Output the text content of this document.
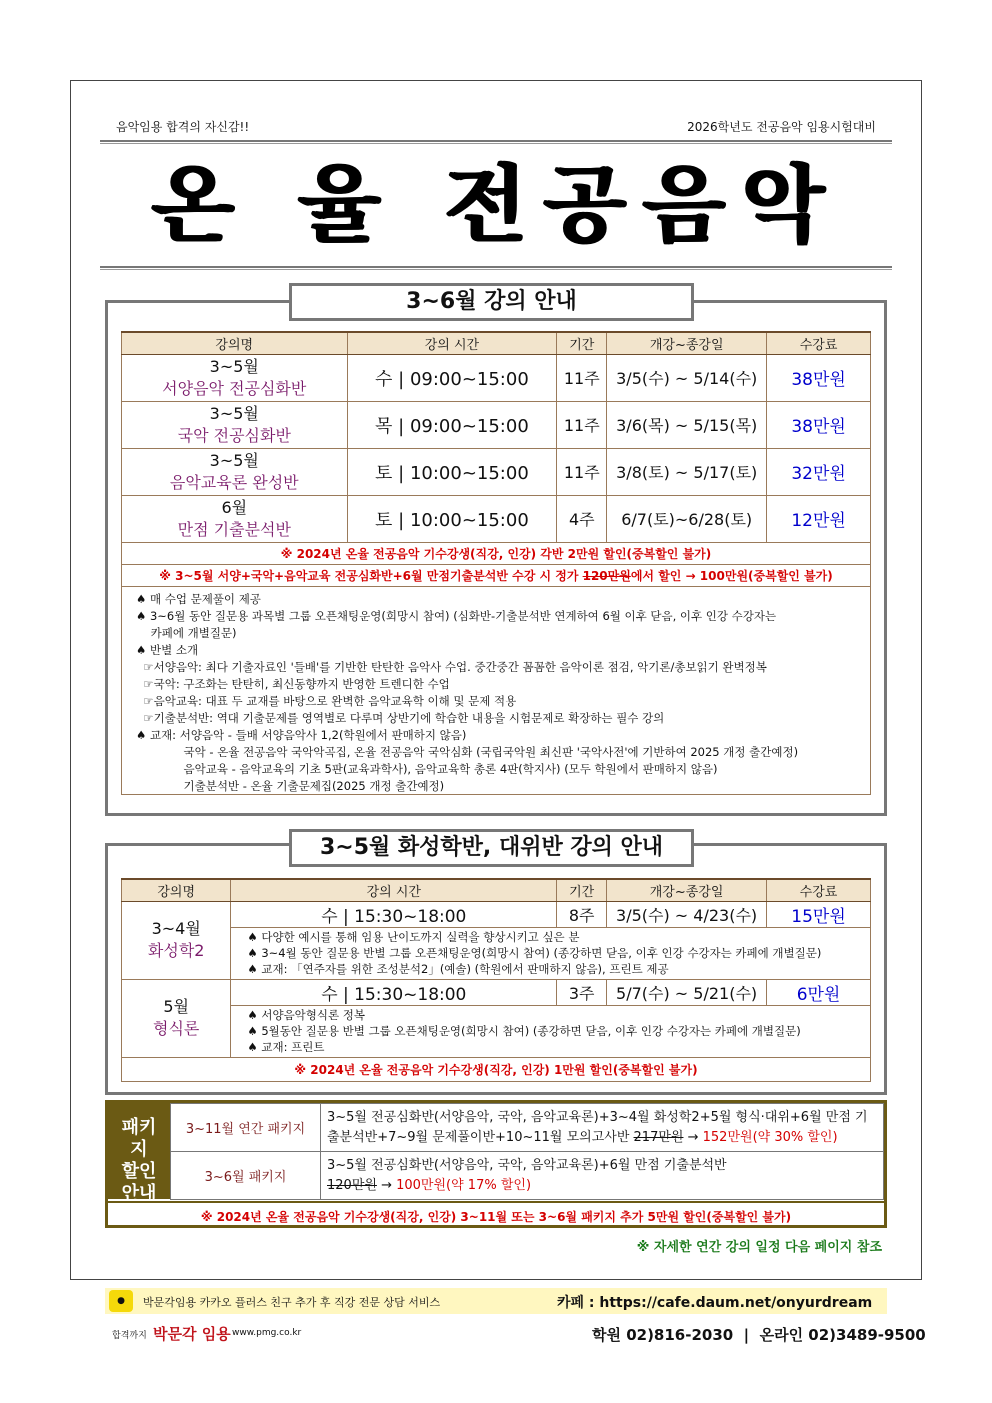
음악임용 합격의 자신감!!	2026학년도 전공음악 임용시험대비
온 율 전공음악
강의명	강의 시간	기간	개강~종강일	수강료

3~5월
서양음악 전공심화반	수 | 09:00~15:00	11주	3/5(수) ~ 5/14(수)	38만원

3~5월
국악 전공심화반	목 | 09:00~15:00	11주	3/6(목) ~ 5/15(목)	38만원

3~5월
음악교육론 완성반	토 | 10:00~15:00	11주	3/8(토) ~ 5/17(토)	32만원

6월
만점 기출분석반	토 | 10:00~15:00	4주	6/7(토)~6/28(토)	12만원
※ 2024년 온율 전공음악 기수강생(직강, 인강) 각반 2만원 할인(중복할인 불가)
※ 3~5월 서양+국악+음악교육 전공심화반+6월 만점기출분석반 수강 시 정가 120만원에서 할인 → 100만원(중복할인 불가)
♠ 매 수업 문제풀이 제공
♠ 3~6월 동안 질문용 과목별 그룹 오픈채팅운영(희망시 참여) (심화반-기출분석반 연계하여 6월 이후 닫음, 이후 인강 수강자는
카페에 개별질문)
♠ 반별 소개
☞서양음악: 최다 기출자료인 '들배'를 기반한 탄탄한 음악사 수업. 중간중간 꼼꼼한 음악이론 점검, 악기론/총보읽기 완벽정복
☞국악: 구조화는 탄탄히, 최신동향까지 반영한 트렌디한 수업
☞음악교육: 대표 두 교재를 바탕으로 완벽한 음악교육학 이해 및 문제 적용
☞기출분석반: 역대 기출문제를 영역별로 다루며 상반기에 학습한 내용을 시험문제로 확장하는 필수 강의
♠ 교재: 서양음악 - 들배 서양음악사 1,2(학원에서 판매하지 않음)
국악 - 온율 전공음악 국악악곡집, 온율 전공음악 국악심화 (국립국악원 최신판 '국악사전'에 기반하여 2025 개정 출간예정)
음악교육 - 음악교육의 기초 5판(교육과학사), 음악교육학 총론 4판(학지사) (모두 학원에서 판매하지 않음)
기출분석반 - 온율 기출문제집(2025 개정 출간예정)
3~6월 강의 안내
강의명	강의 시간	기간	개강~종강일	수강료

3~4월
화성학2	수 | 15:30~18:00	8주	3/5(수) ~ 4/23(수)	15만원

	♠ 다양한 예시를 통해 임용 난이도까지 실력을 향상시키고 싶은 분
♠ 3~4월 동안 질문용 반별 그룹 오픈채팅운영(희망시 참여) (종강하면 닫음, 이후 인강 수강자는 카페에 개별질문)
♠ 교재: 「연주자를 위한 조성분석2」(예솔) (학원에서 판매하지 않음), 프린트 제공			

5월
형식론	수 | 15:30~18:00	3주	5/7(수) ~ 5/21(수)	6만원

	♠ 서양음악형식론 정복
♠ 5월동안 질문용 반별 그룹 오픈채팅운영(희망시 참여) (종강하면 닫음, 이후 인강 수강자는 카페에 개별질문)
♠ 교재: 프린트			
※ 2024년 온율 전공음악 기수강생(직강, 인강) 1만원 할인(중복할인 불가)
3~5월 화성학반, 대위반 강의 안내
패키지 할인 안내
3~11월 연간 패키지	3~5월 전공심화반(서양음악, 국악, 음악교육론)+3~4월 화성학2+5월 형식·대위+6월 만점 기출분석반+7~9월 문제풀이반+10~11월 모의고사반 217만원 → 152만원(약 30% 할인)
3~6월 패키지	3~5월 전공심화반(서양음악, 국악, 음악교육론)+6월 만점 기출분석반
120만원 → 100만원(약 17% 할인)
※ 2024년 온율 전공음악 기수강생(직강, 인강) 3~11월 또는 3~6월 패키지 추가 5만원 할인(중복할인 불가)
※ 자세한 연간 강의 일정 다음 페이지 참조
●	박문각임용 카카오 플러스 친구 추가 후 직강 전문 상담 서비스	카페 : https://cafe.daum.net/onyurdream
합격까지 박문각 임용 www.pmg.co.kr	학원 02)816-2030  |  온라인 02)3489-9500
